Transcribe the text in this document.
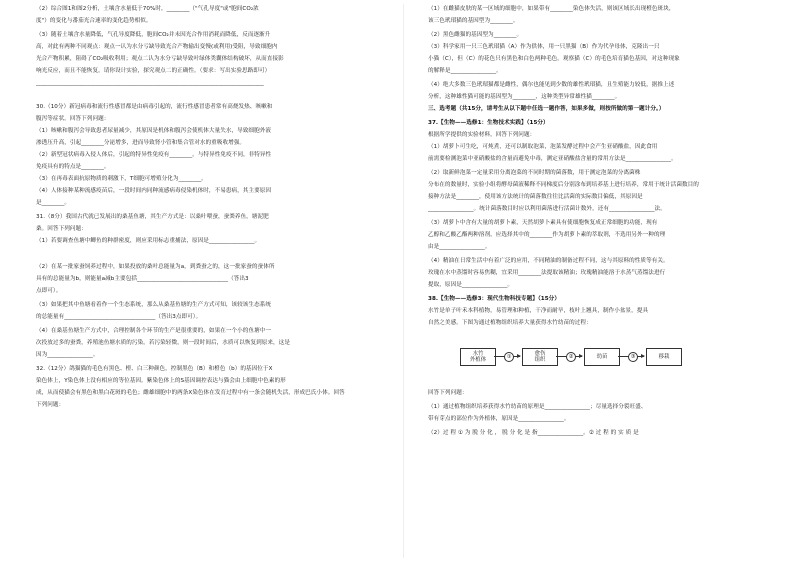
（2）综合图1和图2分析，土壤含水量低于70%时，________（"气孔导度"或"胞间CO₂浓
度"）的变化与番茄光合速率的变化趋势相似。
（3）随着土壤含水量降低，气孔导度降低，胞间CO₂并未因光合作用消耗而降低，反而逐渐升
高，对此有两种不同观点：观点一认为水分亏缺导致光合产物输出变慢(或利用)受阻，导致细胞内
光合产物积累，阻碍了CO₂吸收利用；观点二认为水分亏缺导致叶绿体类囊体结构破坏，从而直接影
响光反应，而且不能恢复。请你设计实验，探究观点二的正确性。（要求：写出实验思路即可）
________________________________________________________________________________
30.（10分）新冠病毒和流行性感冒都是由病毒引起的，流行性感冒患者常有高烧发热、咳嗽和
腹泻等症状。回答下列问题：
（1）咳嗽和腹泻会导致患者尿量减少，其原因是机体和腹泻会使机体大量失水，导致细胞外液
渗透压升高，引起________分泌增多，进而导致肾小管和集合管对水的重吸收增强。
（2）新型冠状病毒入侵人体后，引起的特异性免疫有________。与特异性免疫不同，非特异性
免疫具有的特点是________。
（3）在再毒表面抗原物质的刺激下，T细胞可增殖分化为________。
（4）人体接种某种流感疫苗后，一段时间内同种流感病毒侵染机体时，不易患病，其主要原因
是________。
31.（8分）我国古代就已发展出的桑基鱼塘，其生产方式是：以桑叶喂蚕，蚕粪养鱼，塘泥肥
桑。回答下列问题：
（1）若要调查鱼塘中鲫鱼的种群密度，则应采用标志重捕法，原因是________________。
（2）在某一批家蚕饲养过程中，如果投放的桑叶总能量为a，到粪蚕之的，这一批家蚕的蚕体所
具有的总能量为b，则能量a减b主要包括________________________________（答出3
点即可）。
（3）如果把其中鱼塘看着作一个生态系统，那么从桑基鱼塘的生产方式可知，该较该生态系统
的总能量有________________________________（答出3点即可）。
（4）在桑基鱼塘生产方式中，合理控制各个环节的生产是很重要的，如果在一个小的鱼塘中一
次投放过多的蚕粪，养殖池鱼塘水质的污染。若污染轻微，则一段时间后，水质可以恢复到原来，这是
因为________________。
32.（12分）鸽猫猫的毛色有黑色、橙、白三种颜色，控制黑色（B）和橙色（b）的基因位于X
染色体上，Y染色体上没有相应的等位基因。紫染色体上的S基因调控表达与猫会由上细胞中色素的形
成，从而使猫会有黑色和黑白花斑的毛色；雌雄细胞中的两条X染色体在发育过程中有一条会随机失活，形成巴氏小体。回答
下列问题：
（1）在雌猫皮肤的某一区域的细胞中，如果带有________染色体失活，则该区域长出现橙色斑块，
该三色玳瑁猫的基因型为________。
（2）黑色雌猫的基因型为________。
（3）科学家用一只三色玳瑁猫（A）作为供体，用一只黑猫（B）作为代孕母体，克隆出一只
小猫（C），但（C）的花色只有黑色和白色两种毛色。观察猫（C）的毛色培育猫色基因，对这种现象
的解释是________________。
（4）绝大多数三色玳瑁猫都是雌性，偶尔也能见到少数的雄性玳瑁猫，且生殖能力较低，据推上述
分析，这种雄性猫可能的基因型为________，这种类型异常雄性猫________。
三、选考题（共15分，请考生从以下题中任选一题作答，如果多做，则按所做的第一题计分。）
37.【生物——选修1：生物技术实践】（15分）
根据所学提供的实验材料，回答下列问题：
（1）胡萝卜可生吃，可炖煮，还可以制取泡菜，泡菜发酵过程中会产生亚硝酸盐，因此食用
前需要检测泡菜中亚硝酸盐的含量而避免中毒，测定亚硝酸盐含量的常用方法是________________。
（2）取新鲜泡菜一定量采用分离泡菜的不同时期的菌落数，用于测定泡菜的分离菌株
分布在的数量时，实验小组将酵母菌液稀释不同梯度后分别涂布到培养基上进行培养，常用于统计活菌数目的
接种方法是________，使用该方法统计的菌落数往往比活菌的实际数目偏低，其原因是
________________。统计菌落数目时应以利用菌落进行活菌计数外，还有________________法。
（3）胡萝卜中含有大量的胡萝卜素，天然胡萝卜素具有使细胞恢复成正常细胞的功能，现有
乙醇和乙酸乙酯两种溶剂，应选择其中的________作为胡萝卜素的萃取剂，不选用另外一种的理
由是________________。
（4）精油在日常生活中有着广泛的应用，不同精油的制备过程不同，这与其原料的性质等有关。
玫瑰在水中蒸馏时容易焦糊，宜采用________法提取该精油；玫瑰精油能溶于水蒸气蒸馏法进行
提取，原因是________________。
38.【生物——选修3：现代生物科技专题】（15分）
水竹是单子叶禾本科植物，易管理和种植，干净而耐旱，枝叶上翘具，制作小盆景，提具
自然之美感。下图为通过植物组织培养大量获得水竹幼苗的过程：
回答下列问题：
（1）通过植物组织培养获得水竹幼苗的原理是________________；尽量选择分裂旺盛、
带有芽点的部位作为外植体，原因是________________。
（2）过 程 ① 为 脱 分 化 ， 脱 分 化 是 指________________。② 过 程 的 实 质 是
水竹
外植体	①
愈伤
组织	②	幼苗	③	移栽
